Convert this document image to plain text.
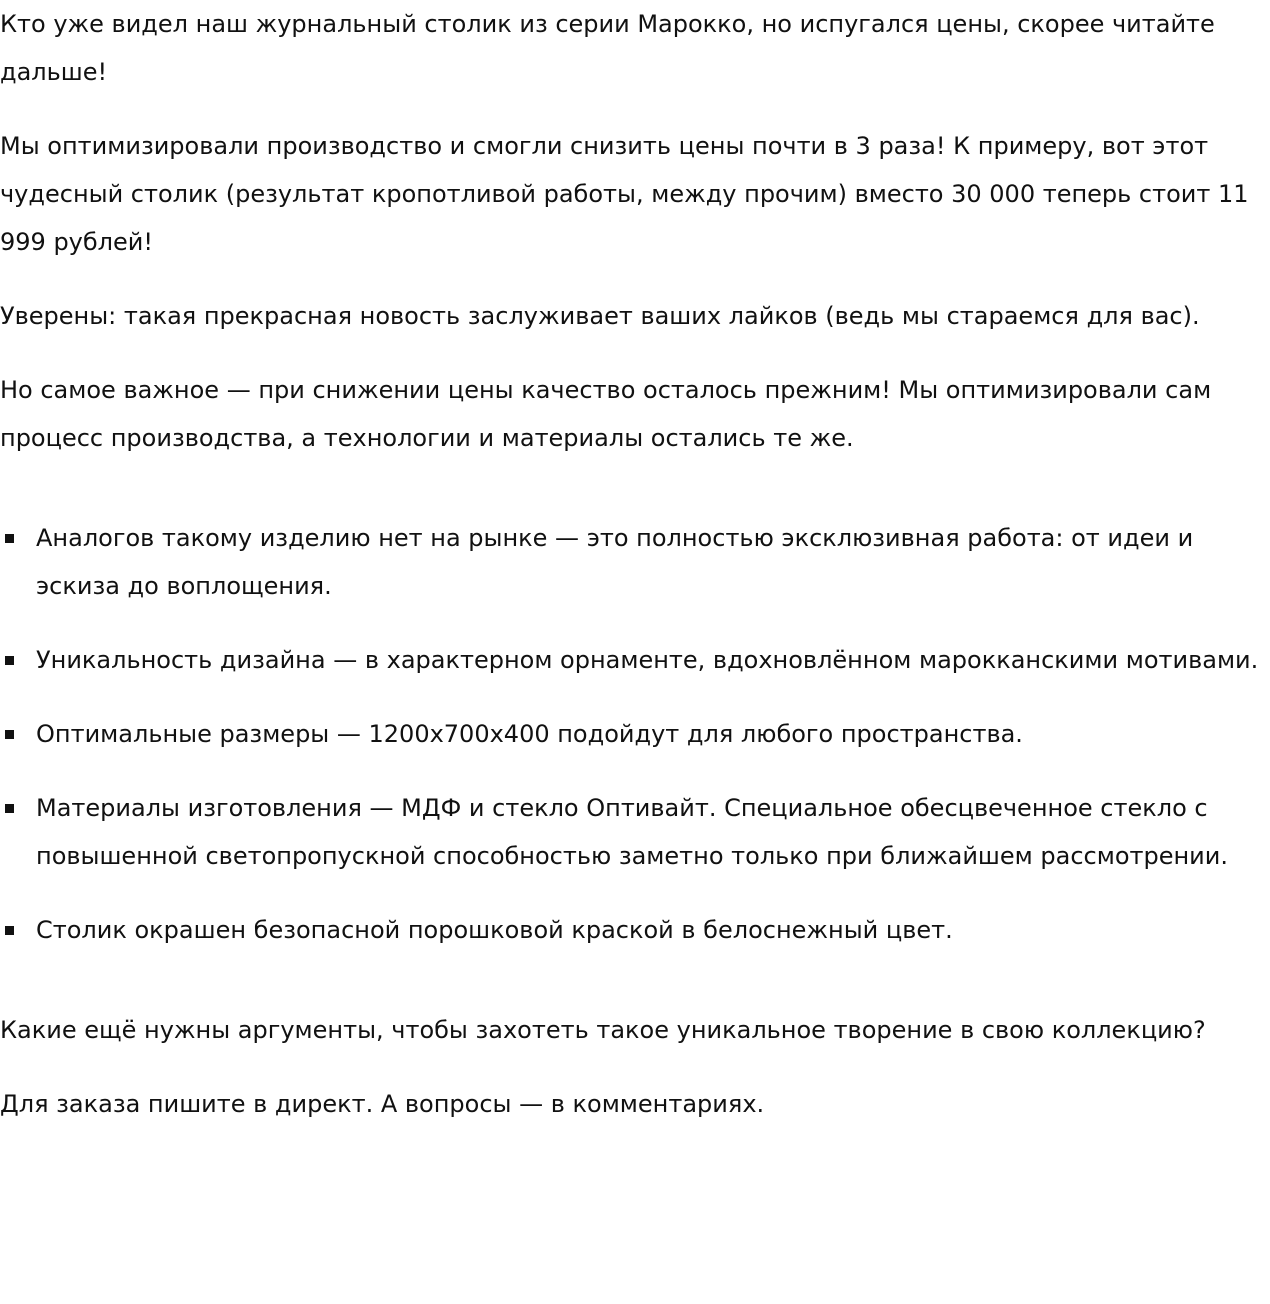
Кто уже видел наш журнальный столик из серии Марокко, но испугался цены, скорее читайте дальше!

Мы оптимизировали производство и смогли снизить цены почти в 3 раза! К примеру, вот этот чудесный столик (результат кропотливой работы, между прочим) вместо 30 000 теперь стоит 11 999 рублей!

Уверены: такая прекрасная новость заслуживает ваших лайков (ведь мы стараемся для вас).

Но самое важное — при снижении цены качество осталось прежним! Мы оптимизировали сам процесс производства, а технологии и материалы остались те же.

Аналогов такому изделию нет на рынке — это полностью эксклюзивная работа: от идеи и эскиза до воплощения.
Уникальность дизайна — в характерном орнаменте, вдохновлённом марокканскими мотивами.
Оптимальные размеры — 1200х700х400 подойдут для любого пространства.
Материалы изготовления — МДФ и стекло Оптивайт. Специальное обесцвеченное стекло с повышенной светопропускной способностью заметно только при ближайшем рассмотрении.
Столик окрашен безопасной порошковой краской в белоснежный цвет.

Какие ещё нужны аргументы, чтобы захотеть такое уникальное творение в свою коллекцию?

Для заказа пишите в директ. А вопросы — в комментариях.
